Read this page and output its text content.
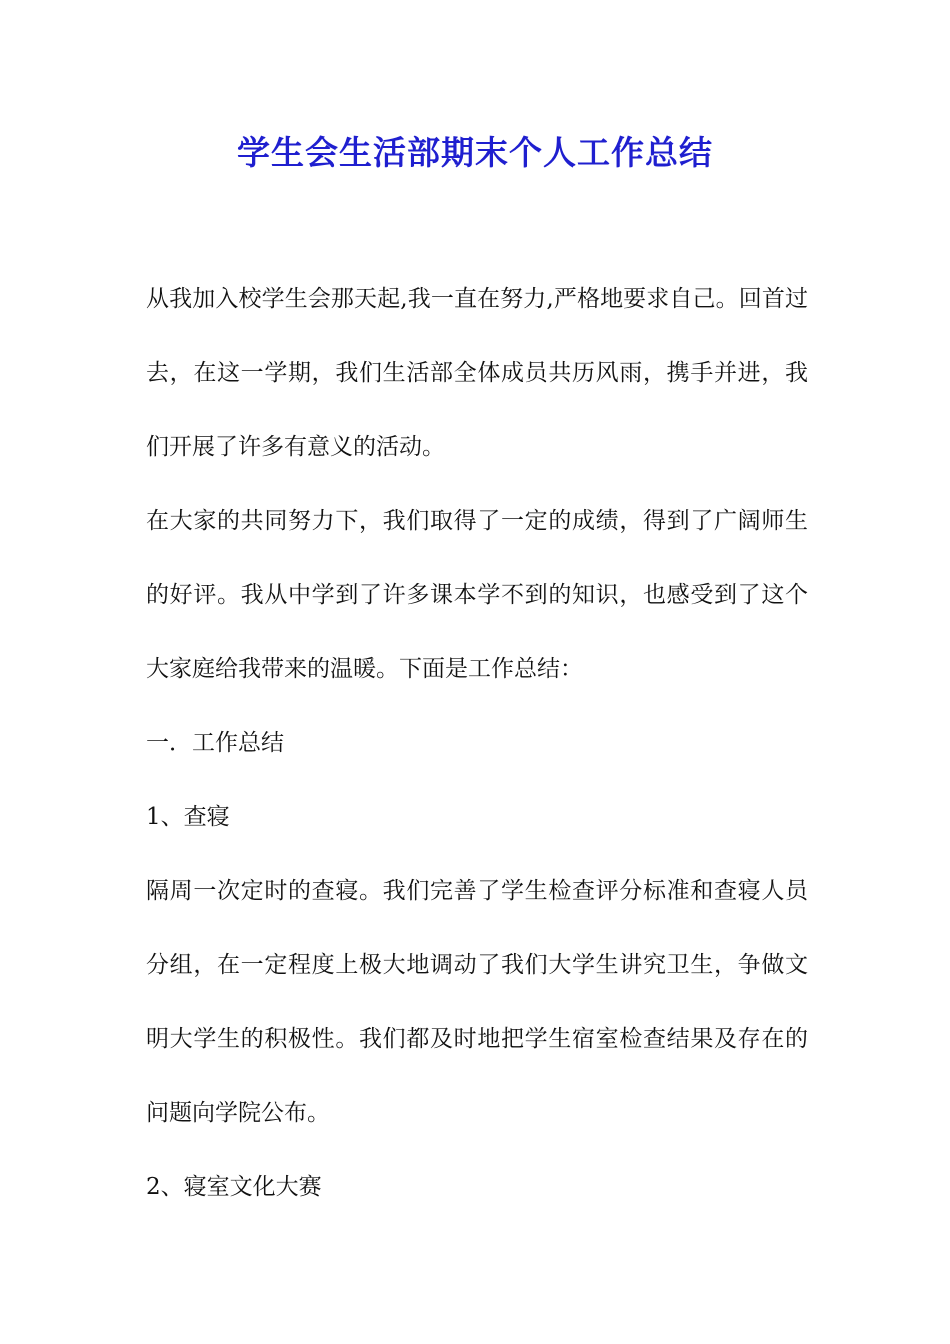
学生会生活部期末个人工作总结

从我加入校学生会那天起,我一直在努力,严格地要求自己。回首过去，在这一学期，我们生活部全体成员共历风雨，携手并进，我们开展了许多有意义的活动。

在大家的共同努力下，我们取得了一定的成绩，得到了广阔师生的好评。我从中学到了许多课本学不到的知识，也感受到了这个大家庭给我带来的温暖。下面是工作总结：

一．工作总结

1、查寝

隔周一次定时的查寝。我们完善了学生检查评分标准和查寝人员分组，在一定程度上极大地调动了我们大学生讲究卫生，争做文明大学生的积极性。我们都及时地把学生宿室检查结果及存在的问题向学院公布。

2、寝室文化大赛
